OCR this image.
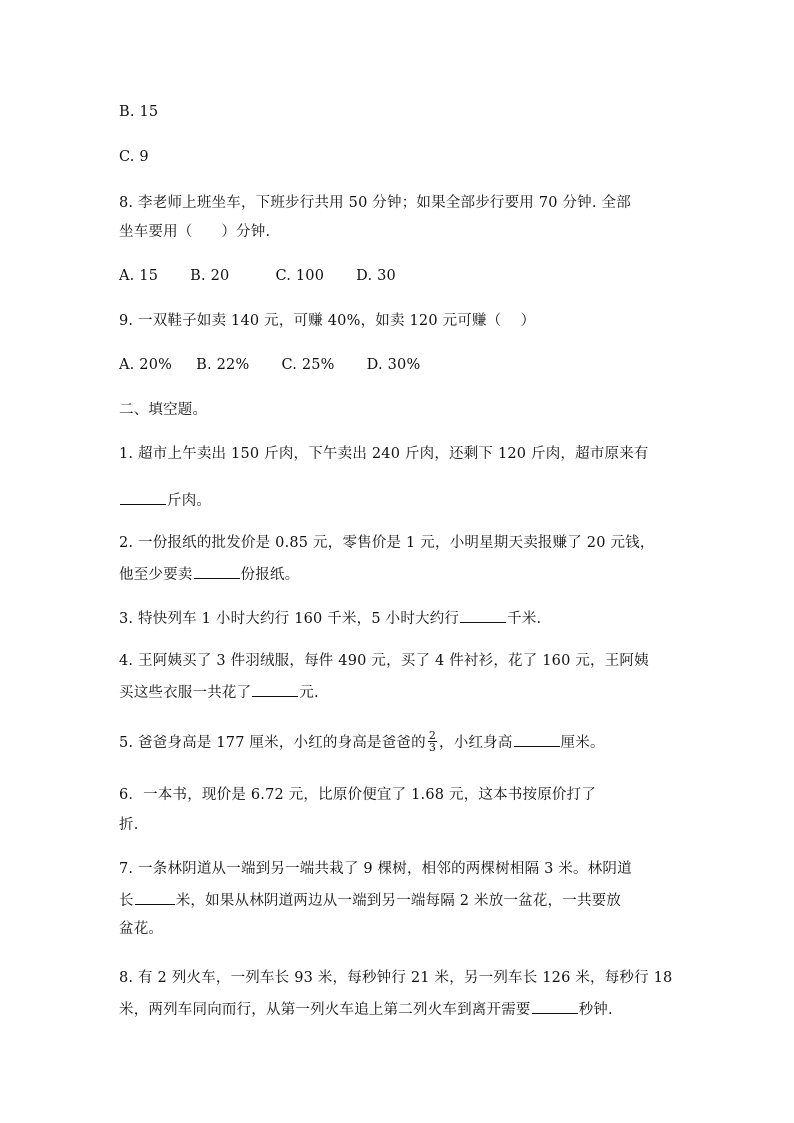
B. 15
C. 9
8. 李老师上班坐车，下班步行共用 50 分钟；如果全部步行要用 70 分钟. 全部
坐车要用（      ）分钟.
A. 15 B. 20	C. 100 D. 30
9. 一双鞋子如卖 140 元，可赚 40%，如卖 120 元可赚（    ）
A. 20% B. 22% C. 25% D. 30%
二、填空题。
1. 超市上午卖出 150 斤肉，下午卖出 240 斤肉，还剩下 120 斤肉，超市原来有
斤肉。
2. 一份报纸的批发价是 0.85 元，零售价是 1 元，小明星期天卖报赚了 20 元钱，
他至少要卖	份报纸。
3. 特快列车 1 小时大约行 160 千米，5 小时大约行	千米.
4. 王阿姨买了 3 件羽绒服，每件 490 元，买了 4 件衬衫，花了 160 元，王阿姨
买这些衣服一共花了	元.
5. 爸爸身高是 177 厘米，小红的身高是爸爸的 $\frac{2}{3}$ ，小红身高	厘米。
6．一本书，现价是 6.72 元，比原价便宜了 1.68 元，这本书按原价打了
折.
7. 一条林阴道从一端到另一端共栽了 9 棵树，相邻的两棵树相隔 3 米。林阴道
长	米，如果从林阴道两边从一端到另一端每隔 2 米放一盆花，一共要放
盆花。
8. 有 2 列火车，一列车长 93 米，每秒钟行 21 米，另一列车长 126 米，每秒行 18
米，两列车同向而行，从第一列火车追上第二列火车到离开需要	秒钟.
